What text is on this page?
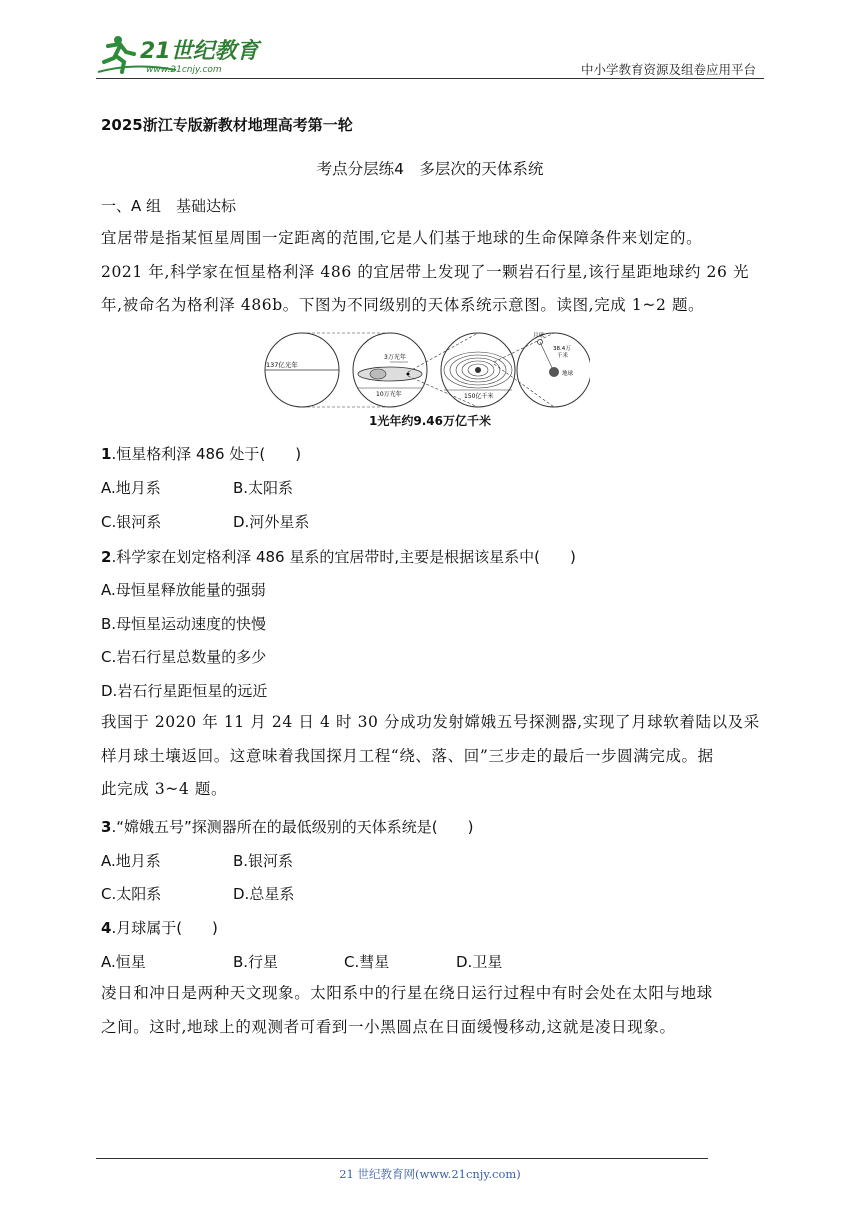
21世纪教育
www.21cnjy.com	中小学教育资源及组卷应用平台
2025浙江专版新教材地理高考第一轮
考点分层练4　多层次的天体系统
一、A 组　基础达标
宜居带是指某恒星周围一定距离的范围,它是人们基于地球的生命保障条件来划定的。
2021 年,科学家在恒星格利泽 486 的宜居带上发现了一颗岩石行星,该行星距地球约 26 光
年,被命名为格利泽 486b。下图为不同级别的天体系统示意图。读图,完成 1~2 题。
137亿光年
10万光年
3万光年
150亿千米
月球
38.4万
千米
地球
1光年约9.46万亿千米
1.恒星格利泽 486 处于(　　)
A.地月系	B.太阳系
C.银河系	D.河外星系
2.科学家在划定格利泽 486 星系的宜居带时,主要是根据该星系中(　　)
A.母恒星释放能量的强弱
B.母恒星运动速度的快慢
C.岩石行星总数量的多少
D.岩石行星距恒星的远近
我国于 2020 年 11 月 24 日 4 时 30 分成功发射嫦娥五号探测器,实现了月球软着陆以及采
样月球土壤返回。这意味着我国探月工程“绕、落、回”三步走的最后一步圆满完成。据
此完成 3~4 题。
3.“嫦娥五号”探测器所在的最低级别的天体系统是(　　)
A.地月系	B.银河系
C.太阳系	D.总星系
4.月球属于(　　)
A.恒星	B.行星	C.彗星	D.卫星
凌日和冲日是两种天文现象。太阳系中的行星在绕日运行过程中有时会处在太阳与地球
之间。这时,地球上的观测者可看到一小黑圆点在日面缓慢移动,这就是凌日现象。
21 世纪教育网(www.21cnjy.com)
